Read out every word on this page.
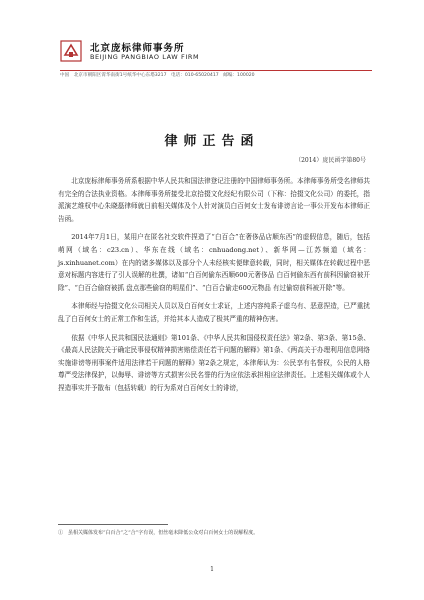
北京庞标律师事务所
BEIJING PANGBIAO LAW FIRM
中国　北京市朝阳区霄华南街1号纸华中心东塔3217　电话：010-65020417　邮编：100020
律师正告函
（2014）庞民函字第80号

北京庞标律师事务所系根据中华人民共和国法律登记注册的中国律师事务所。本律师事务所受名律师共有完全的合法执业资格。本律师事务所接受北京拾掇文化经纪有限公司（下称：拾掇文化公司）的委托，指派演艺维权中心朱晓磊律师就日前相关媒体及个人针对演员白百何女士发布诽谤言论一事公开发布本律师正告函。

2014年7月1日，某用户在匿名社交软件捏造了“白百合”在奢侈品店顺东西”的虚假信息，随后，包括萌网（域名：c23.cn）、华东在线（域名：cnhuadong.net）、新华网—江苏频道（域名：js.xinhuanet.com）在内的诸多媒体以及部分个人未经核实便肆意转载，同时，相关媒体在转载过程中恶意对标题内容进行了引人误解的杜撰，诸如“白百何偷东西顺600元奢侈品 白百何偷东西有前科因偷窃被开除”、“白百合偷窃被抓 盘点那些偷窃的明星们”、“白百合偷走600元物品 有过偷窃前科被开除”等。

本律师经与拾掇文化公司相关人员以及白百何女士求证，上述内容纯系子虚乌有、恶意捏造，已严重扰乱了白百何女士的正常工作和生活，并给其本人造成了极其严重的精神伤害。

依据《中华人民共和国民法通则》第101条、《中华人民共和国侵权责任法》第2条、第3条、第15条、《最高人民法院关于确定民事侵权精神损害赔偿责任若干问题的解释》第1条、《两高关于办理利用信息网络实施诽谤等刑事案件适用法律若干问题的解释》第2条之规定，本律师认为：公民享有名誉权，公民的人格尊严受法律保护，以侮辱、诽谤等方式损害公民名誉的行为应依法承担相应法律责任。上述相关媒体或个人捏造事实并予散布（包括转载）的行为系对白百何女士的诽谤，

①　虽相关媒体发布“白百合”之“合”字有误，但丝毫未降低公众对白百何女士的误解程度。
1
